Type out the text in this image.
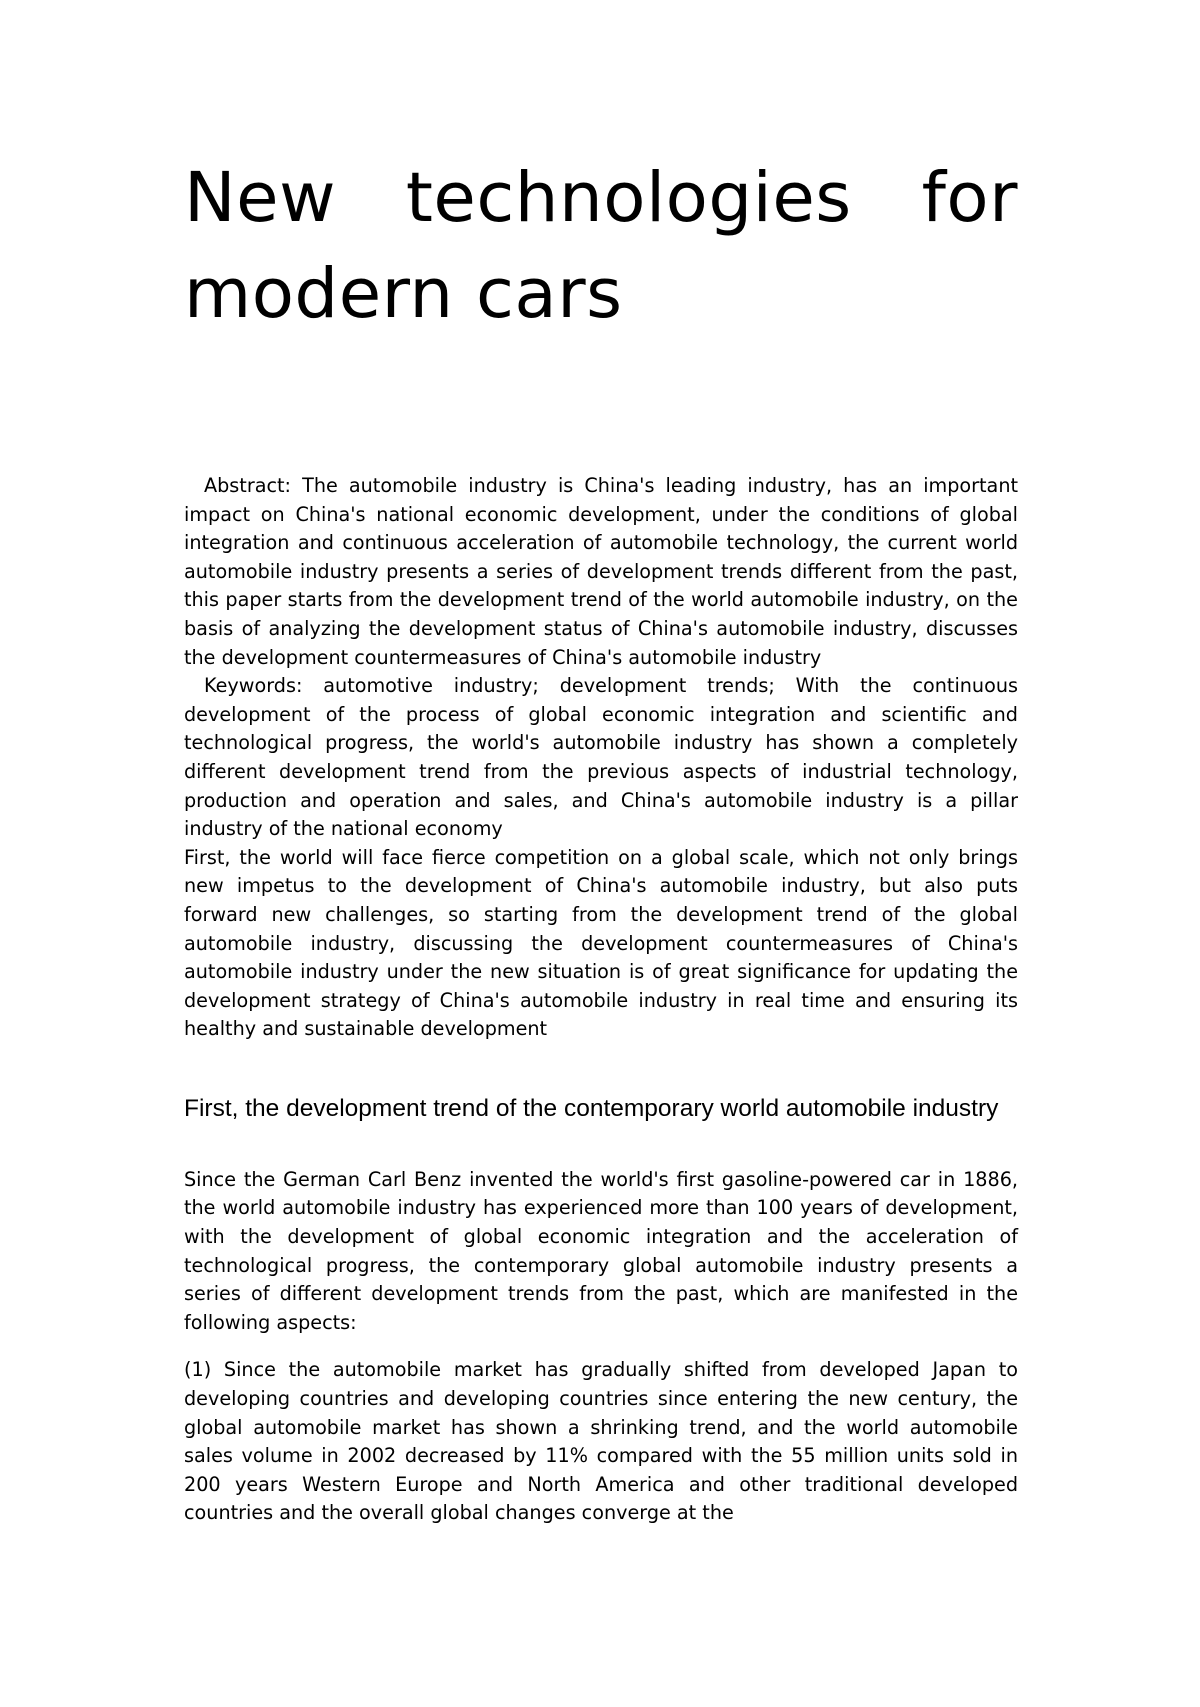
New technologies for modern cars

Abstract: The automobile industry is China's leading industry, has an important impact on China's national economic development, under the conditions of global integration and continuous acceleration of automobile technology, the current world automobile industry presents a series of development trends different from the past, this paper starts from the development trend of the world automobile industry, on the basis of analyzing the development status of China's automobile industry, discusses the development countermeasures of China's automobile industry

Keywords: automotive industry; development trends; With the continuous development of the process of global economic integration and scientific and technological progress, the world's automobile industry has shown a completely different development trend from the previous aspects of industrial technology, production and operation and sales, and China's automobile industry is a pillar industry of the national economy

First, the world will face fierce competition on a global scale, which not only brings new impetus to the development of China's automobile industry, but also puts forward new challenges, so starting from the development trend of the global automobile industry, discussing the development countermeasures of China's automobile industry under the new situation is of great significance for updating the development strategy of China's automobile industry in real time and ensuring its healthy and sustainable development

First, the development trend of the contemporary world automobile industry

Since the German Carl Benz invented the world's first gasoline-powered car in 1886, the world automobile industry has experienced more than 100 years of development, with the development of global economic integration and the acceleration of technological progress, the contemporary global automobile industry presents a series of different development trends from the past, which are manifested in the following aspects:

(1) Since the automobile market has gradually shifted from developed Japan to developing countries and developing countries since entering the new century, the global automobile market has shown a shrinking trend, and the world automobile sales volume in 2002 decreased by 11% compared with the 55 million units sold in 200 years Western Europe and North America and other traditional developed countries and the overall global changes converge at the
